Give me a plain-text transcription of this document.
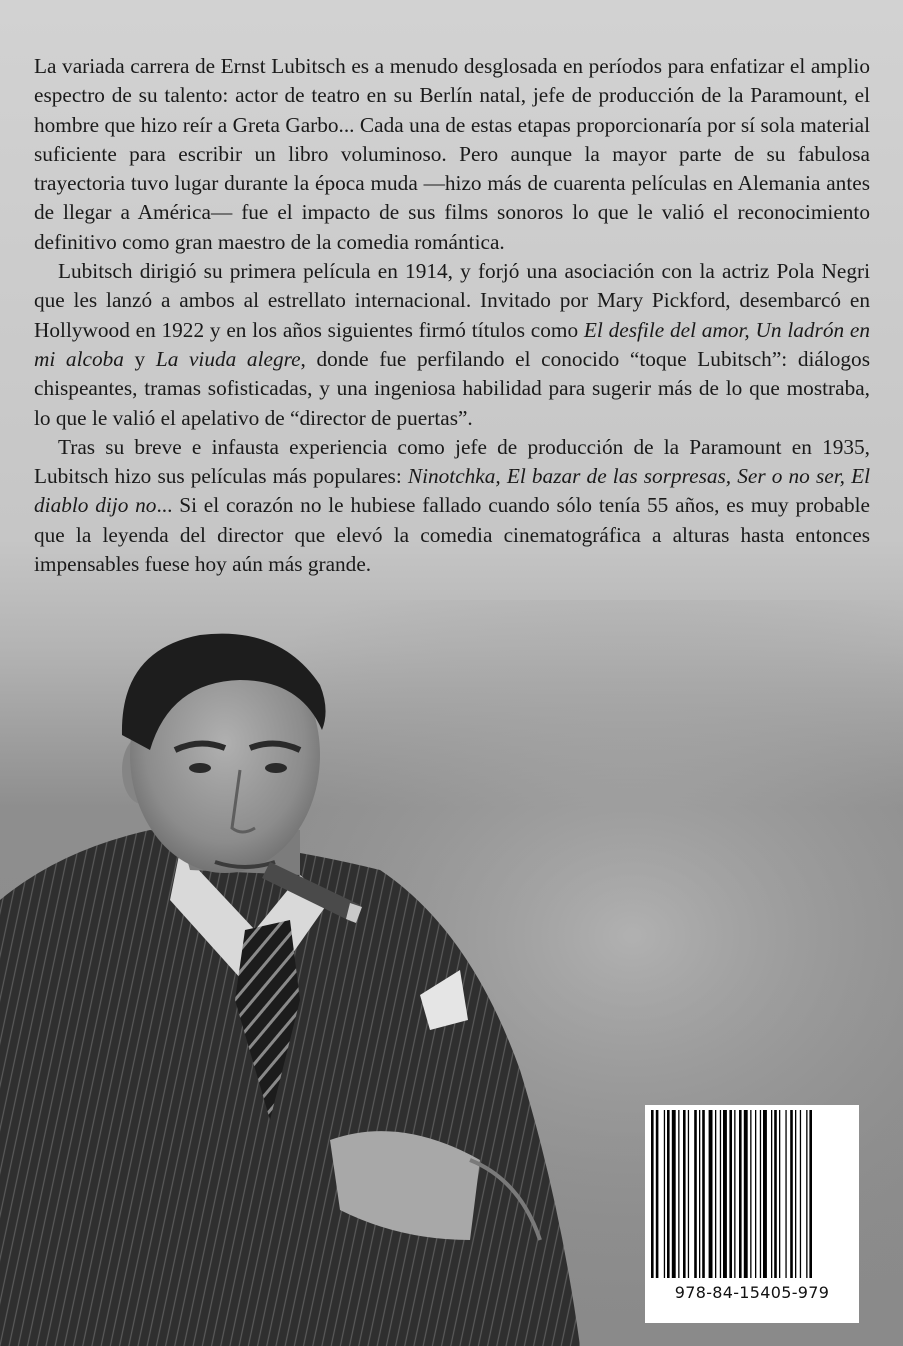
La variada carrera de Ernst Lubitsch es a menudo desglosada en períodos para enfatizar el amplio espectro de su talento: actor de teatro en su Berlín natal, jefe de producción de la Paramount, el hombre que hizo reír a Greta Garbo... Cada una de estas etapas proporcionaría por sí sola material suficiente para escribir un libro voluminoso. Pero aunque la mayor parte de su fabulosa trayectoria tuvo lugar durante la época muda —hizo más de cuarenta películas en Alemania antes de llegar a América— fue el impacto de sus films sonoros lo que le valió el reconocimiento definitivo como gran maestro de la comedia romántica.

Lubitsch dirigió su primera película en 1914, y forjó una asociación con la actriz Pola Negri que les lanzó a ambos al estrellato internacional. Invitado por Mary Pickford, desembarcó en Hollywood en 1922 y en los años siguientes firmó títulos como El desfile del amor, Un ladrón en mi alcoba y La viuda alegre, donde fue perfilando el conocido “toque Lubitsch”: diálogos chispeantes, tramas sofisticadas, y una ingeniosa habilidad para sugerir más de lo que mostraba, lo que le valió el apelativo de “director de puertas”.

Tras su breve e infausta experiencia como jefe de producción de la Paramount en 1935, Lubitsch hizo sus películas más populares: Ninotchka, El bazar de las sorpresas, Ser o no ser, El diablo dijo no... Si el corazón no le hubiese fallado cuando sólo tenía 55 años, es muy probable que la leyenda del director que elevó la comedia cinematográfica a alturas hasta entonces impensables fuese hoy aún más grande.

978-84-15405-979
